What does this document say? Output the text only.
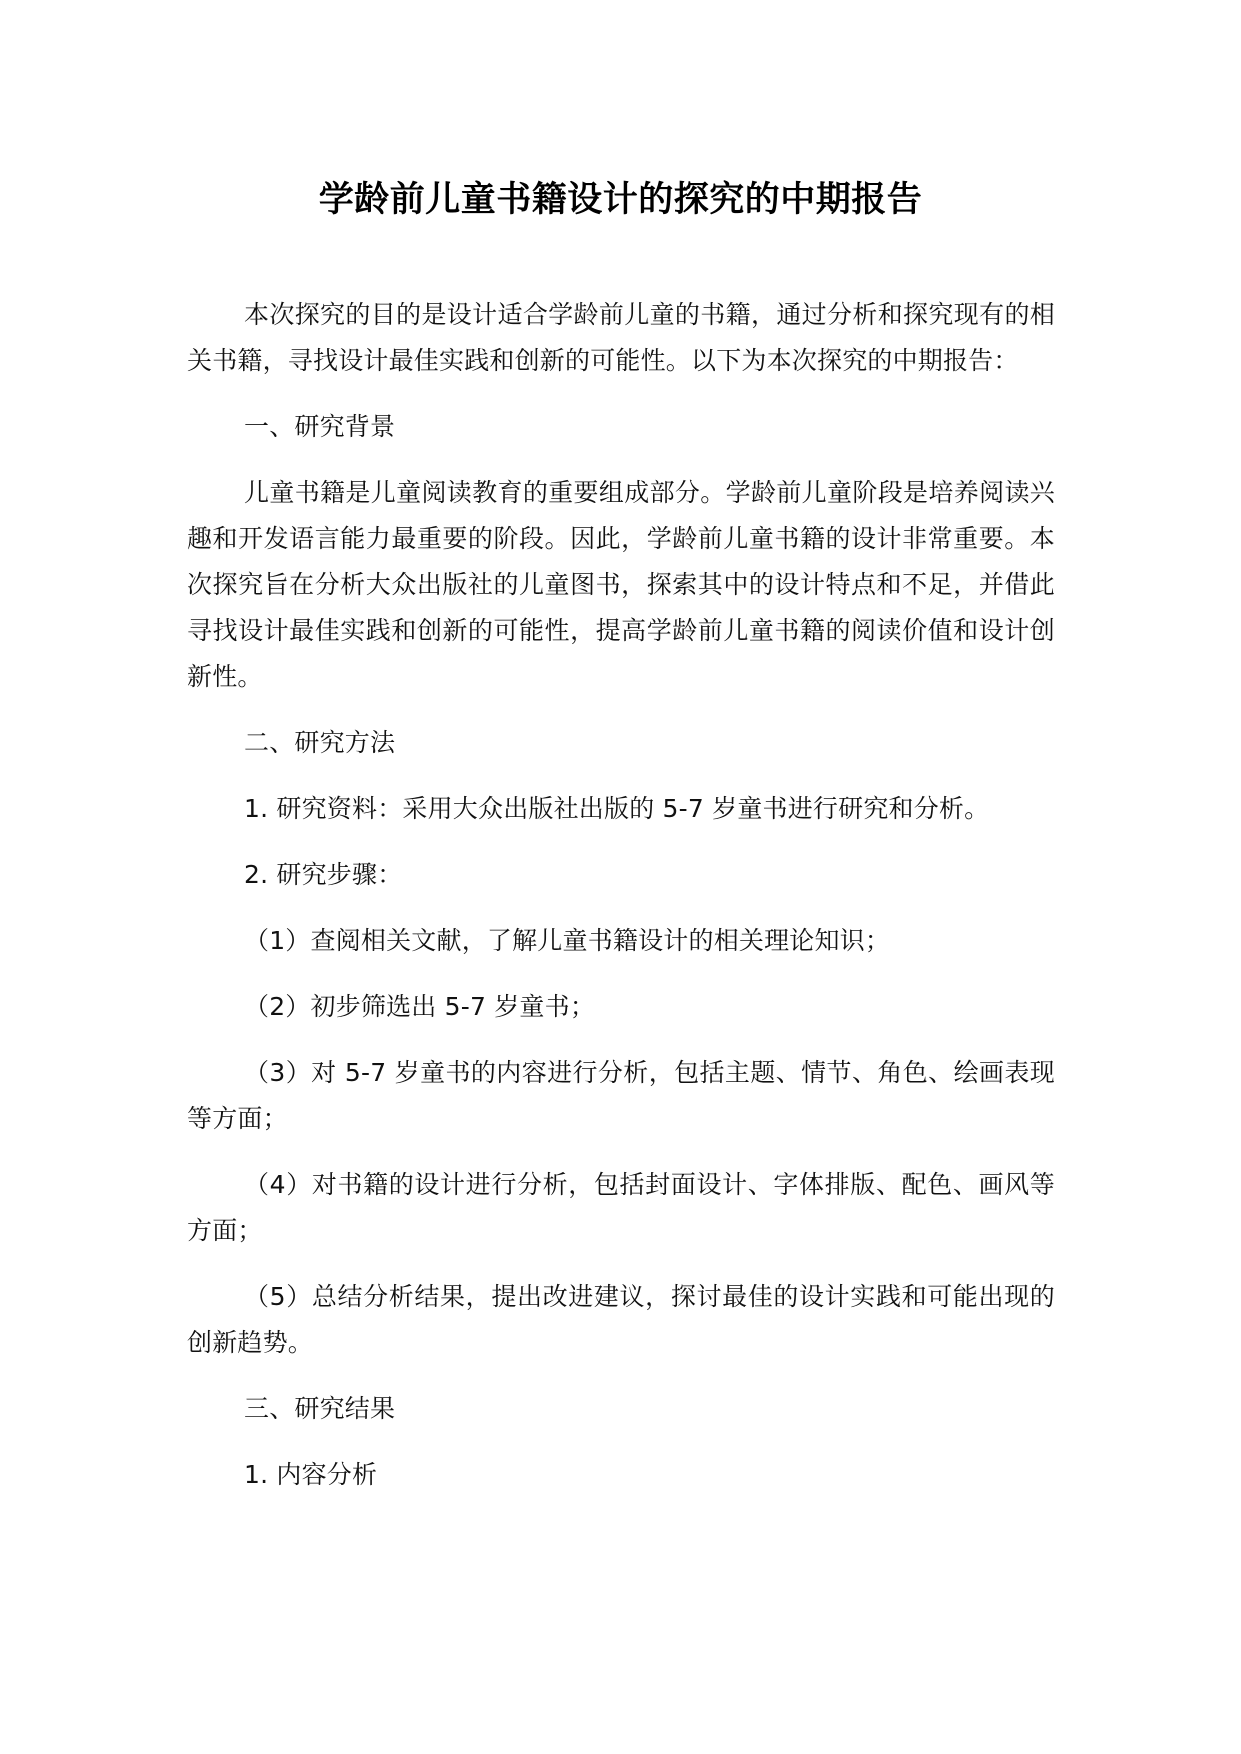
学龄前儿童书籍设计的探究的中期报告

本次探究的目的是设计适合学龄前儿童的书籍，通过分析和探究现有的相关书籍，寻找设计最佳实践和创新的可能性。以下为本次探究的中期报告：

一、研究背景

儿童书籍是儿童阅读教育的重要组成部分。学龄前儿童阶段是培养阅读兴趣和开发语言能力最重要的阶段。因此，学龄前儿童书籍的设计非常重要。本次探究旨在分析大众出版社的儿童图书，探索其中的设计特点和不足，并借此寻找设计最佳实践和创新的可能性，提高学龄前儿童书籍的阅读价值和设计创新性。

二、研究方法

1. 研究资料：采用大众出版社出版的 5-7 岁童书进行研究和分析。

2. 研究步骤：

（1）查阅相关文献，了解儿童书籍设计的相关理论知识；

（2）初步筛选出 5-7 岁童书；

（3）对 5-7 岁童书的内容进行分析，包括主题、情节、角色、绘画表现等方面；

（4）对书籍的设计进行分析，包括封面设计、字体排版、配色、画风等方面；

（5）总结分析结果，提出改进建议，探讨最佳的设计实践和可能出现的创新趋势。

三、研究结果

1. 内容分析
